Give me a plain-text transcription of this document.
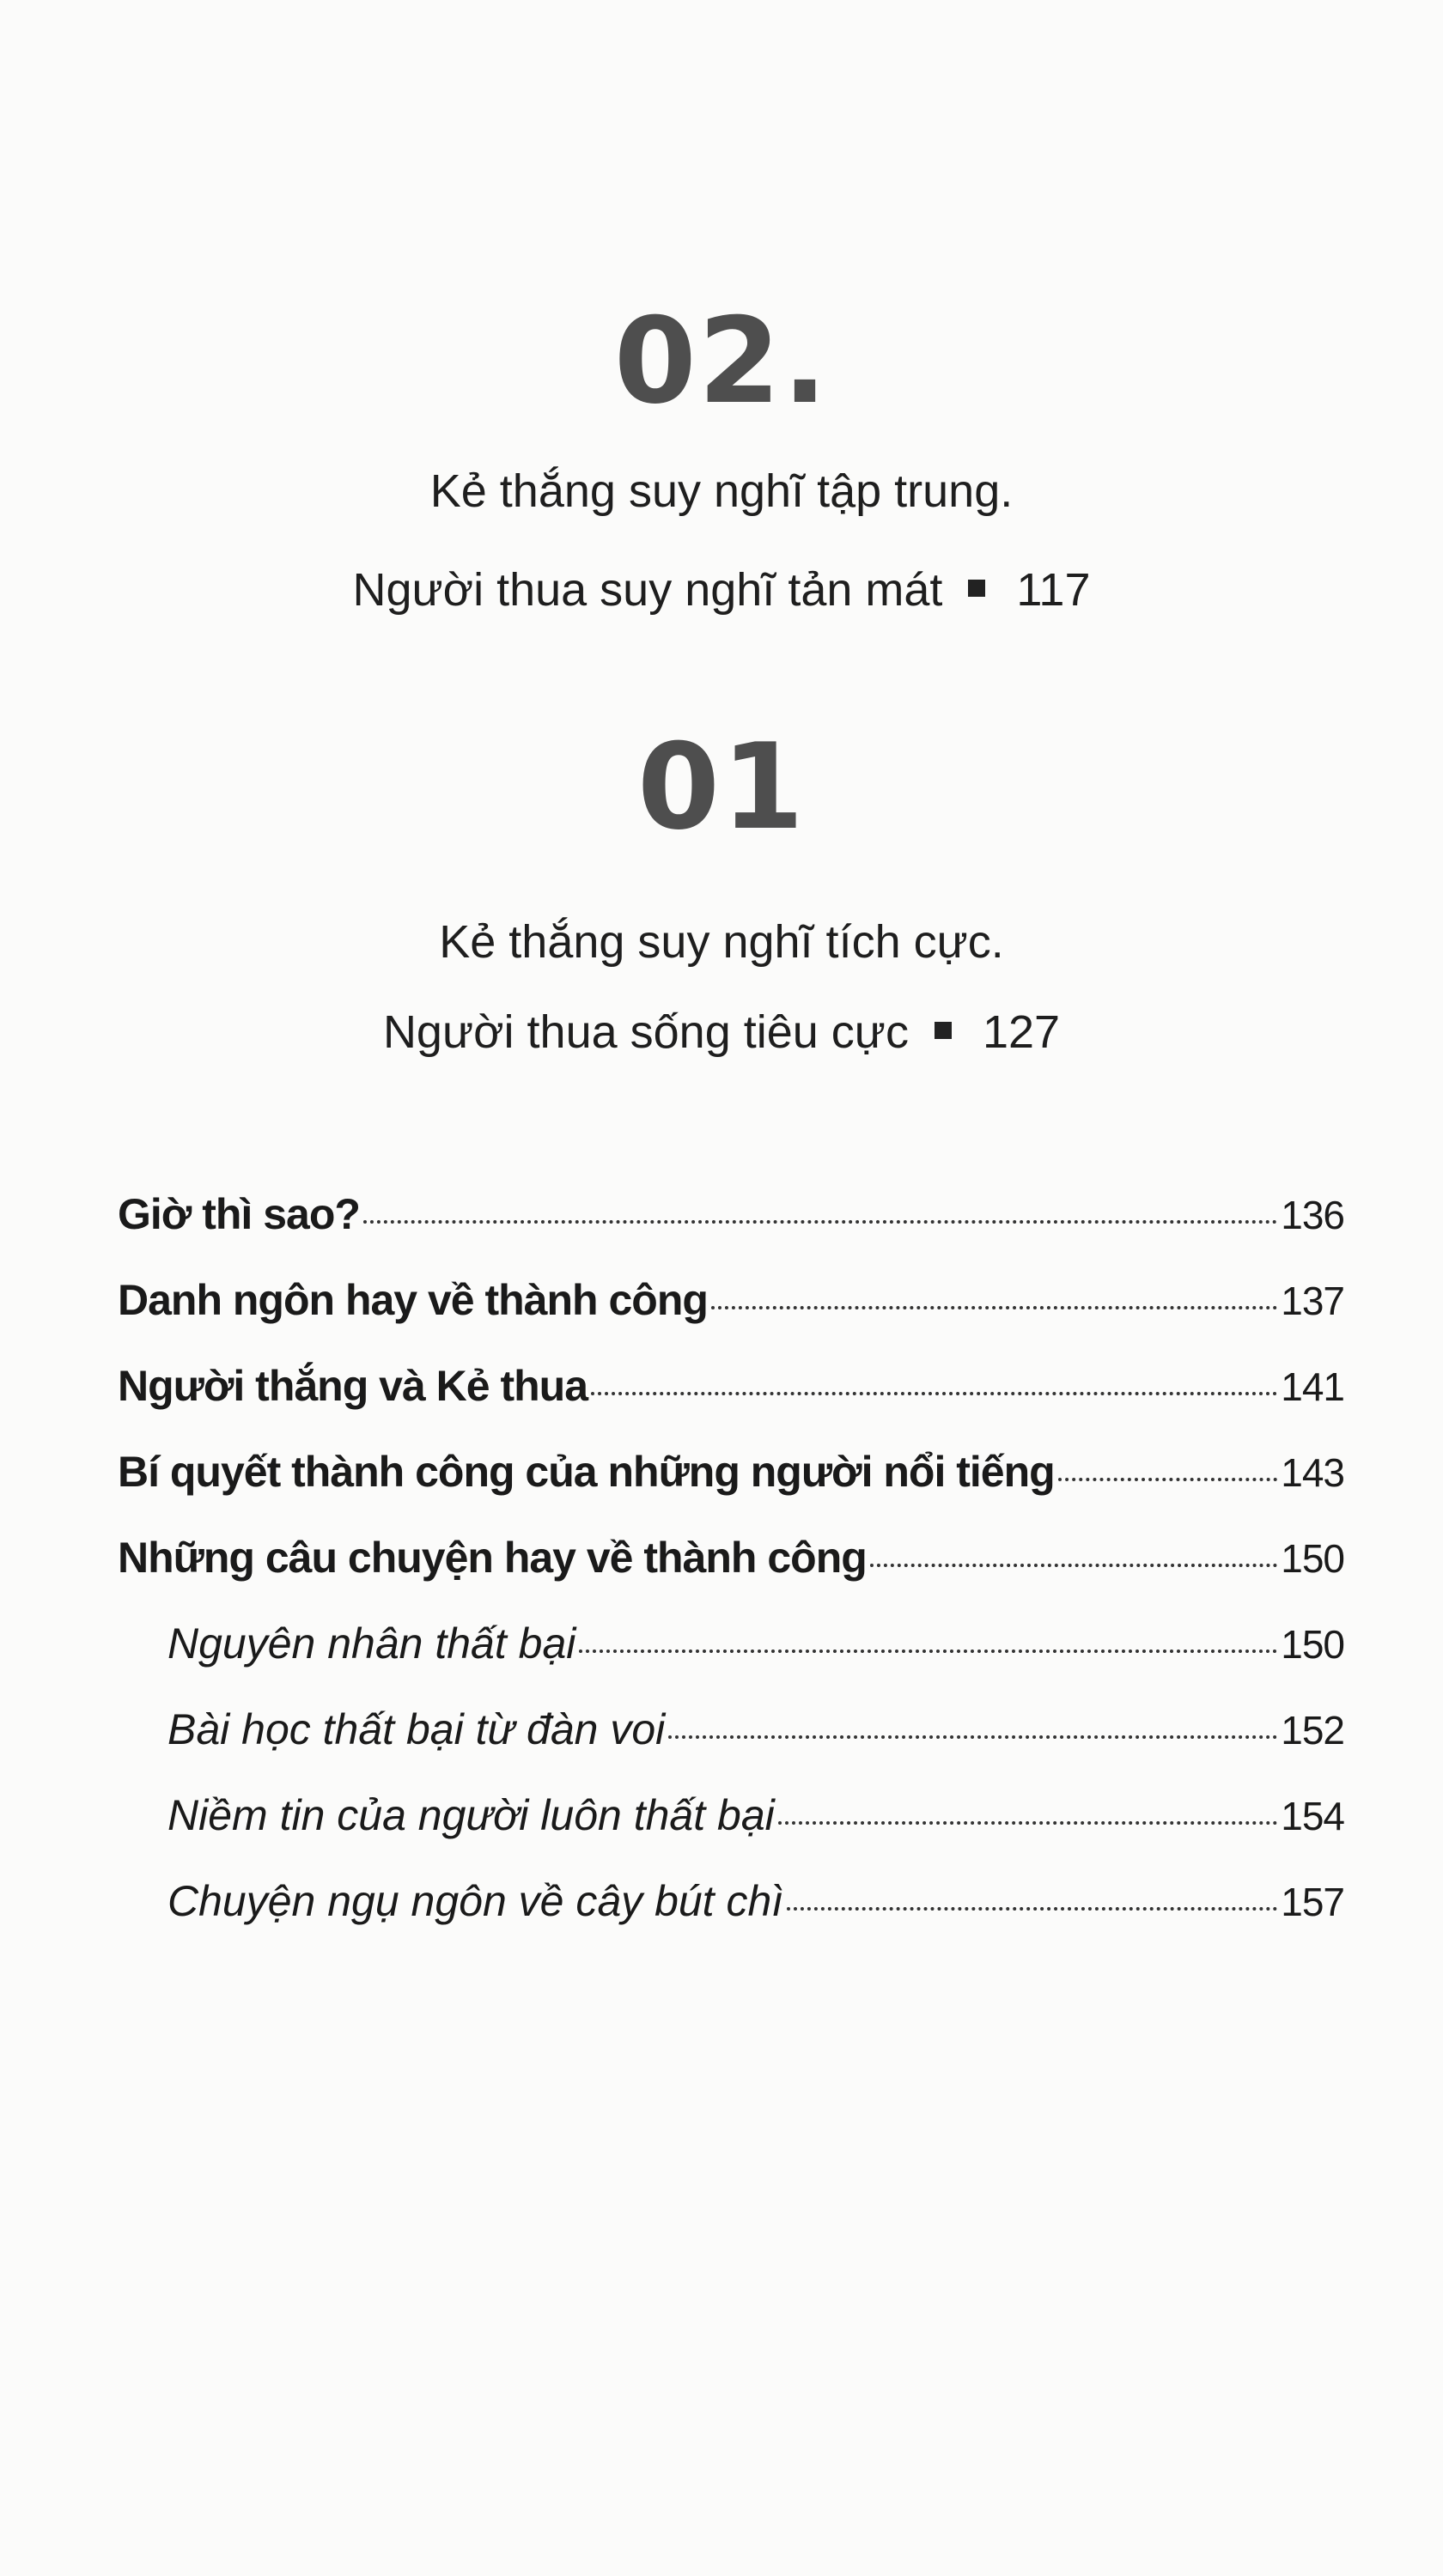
02.
Kẻ thắng suy nghĩ tập trung.
Người thua suy nghĩ tản mát 117
01
Kẻ thắng suy nghĩ tích cực.
Người thua sống tiêu cực 127
Giờ thì sao?	136
Danh ngôn hay về thành công	137
Người thắng và Kẻ thua	141
Bí quyết thành công của những người nổi tiếng	143
Những câu chuyện hay về thành công	150
Nguyên nhân thất bại	150
Bài học thất bại từ đàn voi	152
Niềm tin của người luôn thất bại	154
Chuyện ngụ ngôn về cây bút chì	157
